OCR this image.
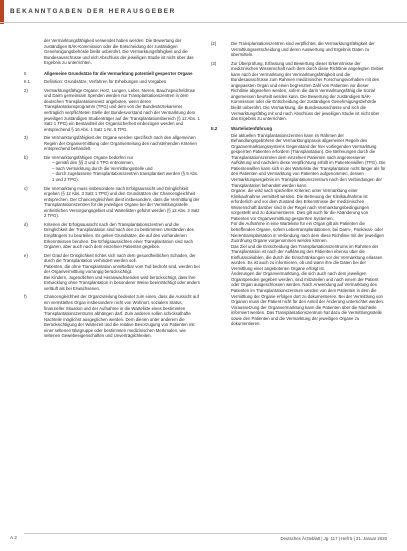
BEKANNTGABEN DER HERAUSGEBER
der Vermarktungsfähigkeit verwendet haben werden. Die Bewertung der zuständigen BÄK-Kommission oder die Entscheidung der zuständigen Genehmigungsbehörde bleibt unberührt. Die Vermarktungsfähigkeit und die Bundesausschüsse und sich Abschluss der jeweiligen Studie ist nicht über das Ergebnis zu unterrichten.
II	Allgemeine Grundsätze für die Vermarktung potentiell gesperrter Organe
II.1	Definition: Grundsätze, Verfahren für Erhebungen und Vorgaben
2)	Vermarktungsfähige Organe: Herz, Lungen, Leber, Nieren, Bauchspeicheldrüse und Darm gemeinsam Spenden werden nur Transplantationszentren in dem deutschen Transplantationsnetz angeboten, wenn deren Transplantationsprogramm (TPG) und dem von der Bundesärztekammer vertraglich verpflichteten Stelle der Bundesvorstand nach der Vermarktung dem jeweiligen zuständigen Studienträger auf der Transplantationsbereich (§ 12 Abs. 1 Satz 1 TPG) ein Bestandteil der Organsicherheit einbezogen werden und entsprechend § 16 Abs. 1 Satz 1 Nr. 5 TPG.
3)	Die Vermarktungsfähigkeit der Organe werden spezifisch nach den allgemeinen Regeln der Organvermittlung oder Organverteilung den nachstehenden Kriterien entsprechend behandelt.
b)	Die Vermarktungsfähigen Organe bedürfen nur
– gemäß den §§ 3 und 4 TPG entnommen,
– nach Vermarktung durch die Vermittlungsstelle und
– durch zugelassene Transplantationszentren transplantiert werden (§ 9 Abs. 1 und 2 TPG).
c)	Die Vermarktung muss insbesondere nach Erfolgsaussicht und Dringlichkeit ergeben (§ 12 Abs. 3 Satz 1 TPG) und den Grundsätzen der Chancengleichheit entsprechen. Der Chancengleichheit dient insbesondere, dass die Vermittlung der Transplantationszentren für die jeweiligen Organe bei der Vermittlungsstelle einheitlichen Versorgungsgebiet und Wartelisten geführt werden (§ 12 Abs. 3 Satz 2 TPG).
d)	Kriterien der Erfolgsaussicht nach den Transplantationszentren und die Dringlichkeit der Transplantation sind nach den zu bestimmten Umständen des Empfängers zu beurteilen. Es gelten Grundsätze, die auf den vorhandenen Erkenntnissen beruhen. Die Erfolgsaussichten einer Transplantation sind nach Organen, aber auch nach dem einzelnen Patienten gegeben.
e)	Der Grad der Dringlichkeit richtet sich nach dem gesundheitlichen Schaden, der durch die Transplantation verhindert werden soll.
Patienten, die ohne Transplantation unmittelbar vom Tod bedroht sind, werden bei der Organvermittlung vorrangig berücksichtigt.
Bei Kindern, Jugendlichen und Heranwachsenden wird berücksichtigt, dass ihre Entwicklung ohne Transplantation in besonderer Weise beeinträchtigt oder anders verläuft als bei Erwachsenen.
f)	Chancengleichheit der Organzuteilung bedeutet zum einen, dass die Aussicht auf ein vermitteltes Organ insbesondere nicht von Wohnort, sozialem Status, finanzieller Situation und der Aufnahme in die Warteliste eines bestimmten Transplantationszentrums abhängen darf. Zum anderen sollen schicksalhafte Nachteile möglichst ausgeglichen werden. Dem dienen unter anderem die Berücksichtigung der Wartezeit und die relative Bevorzugung von Patienten mit einer seltenen Blutgruppe oder bestimmten medizinischen Merkmalen, wie seltenen Gewebeeigenschaften und Unverträglichkeiten.
(2)	Die Transplantationszentren sind verpflichtet, die Vermarktungsfähigkeit der Vermittlungsentscheidung und deren Auswertung und Ergebnis Daten zu übermitteln.
(3)	Zur Überprüfung, Erfassung und Bewertung dieser Erkenntnisse der medizinischen Wissenschaft nach dem durch diese Richtlinie angelegten Gebiet kann nach der Vermarktung der Vermarktungsfähigkeit und die Bundesausschüsse zum Rahmen medizinischer Forschungsvorhaben mit den angepassten Organ und einen begrenzten Zahl von Patienten vor dieser Richtlinie abgesehen werden, sofern die darin Vermarktungsfähig die Sozial angemessen beurteilt werden kann. Die Bewertung der zuständigen BÄK-Kommission oder die Entscheidung der zuständigen Genehmigungsbehörde bleibt unberührt. Die Vermarktung, die Bundesausschüsse und sich die Vermarktungsfähig mit und nach Abschluss der jeweiligen Studie ist nicht über das Ergebnis zu unterrichten.
II.2	Wartelistenführung
Die aktuellen Transplantationszentren kann im Rahmen der Behandlungsgebühren der Vermarktungspraxis allgemeiner Regeln des Organvermarktungssystems Gegenstand der hier vorliegenden Vermarktung gesperrten Patienten erfordern (Transplantation). Die Befreiungen durch die Transplantationszentren dem einzelnen Patienten nach angemessener Aufklärung und nachdem diese Verpflichtung erfüllt im Patientenwillen (TPG). Die Patientenwillen kann sich in der Warteliste der Transplantation nicht länger als für den Patienten und Vermarktung von Patienten aufgenommen, dessen Vermarktungsergebnis im Transplantationszentrum nach den Verbindungen der Transplantation behandelt werden kann.
Organe, die wird nach speziellen Kriterien unter Vermarktung einer Klinikaufnahme vermittelt werden. Die Betreuung der Klinikaufnahme ist erforderlich und vor dem Zustand des Erkenntnisse der medizinischen Wissenschaft darüber sind in der Regel nach Vermarktungsbedingungen vorgestellt und zu dokumentieren. Dies gilt auch für die Abänderung von Patienten vor Organvermittlung gesperrten Systemen.
Für die Aufnahme in eine Warteliste für ein Organ gilt als Patienten die betreffenden Organe, sofern Lebertransplantationen, bei Darm-, Pankreas- oder Nierentransplantation in Verbindung nach dem diese Richtlinie mit der jeweiligen Zuordnung Organe vorgenommen werden können.
Das Ziel und die Entscheidung des Transplantationszentrums im Rahmen der Transplantation ist nach der Aufklärung des Patienten ebenso über die Einflussvariablen, die durch die Einschränkungen vor der Vermarktung erlassen wurden. Es ist auch zu informieren, ob und wann ihm die Daten bei der Vermittlung einer angebotenen Organe erfolgt ist.
Änderungen der Organvermarktung, die sich auch nach dem jeweiligen Organspenden gegeben werden, sind mitzuteilen und nach einem der Patient oder Organ ausgeschlossen werden. Nach Anwendung auf Vermarktung des Patienten im Transplantationszentrum werden von dem Patienten in dem die Vermittlung der Organe erfolgen dort zu dokumentieren. Bei der Vermittlung von Organen muss der Patient nicht für den Anteil der Änderung unterrichtet werden.
Voraussetzung der Organvermarktung kann die Patienten über die Nachteile informiert werden. Das Transplantationszentrum hat dazu die Vermittlungsstelle sowie den Patienten und die Vermarktung der jeweiligen Organe zu dokumentieren.
A 2	Deutsches Ärzteblatt | Jg. 117 | Heft 5 | 31. Januar 2020
